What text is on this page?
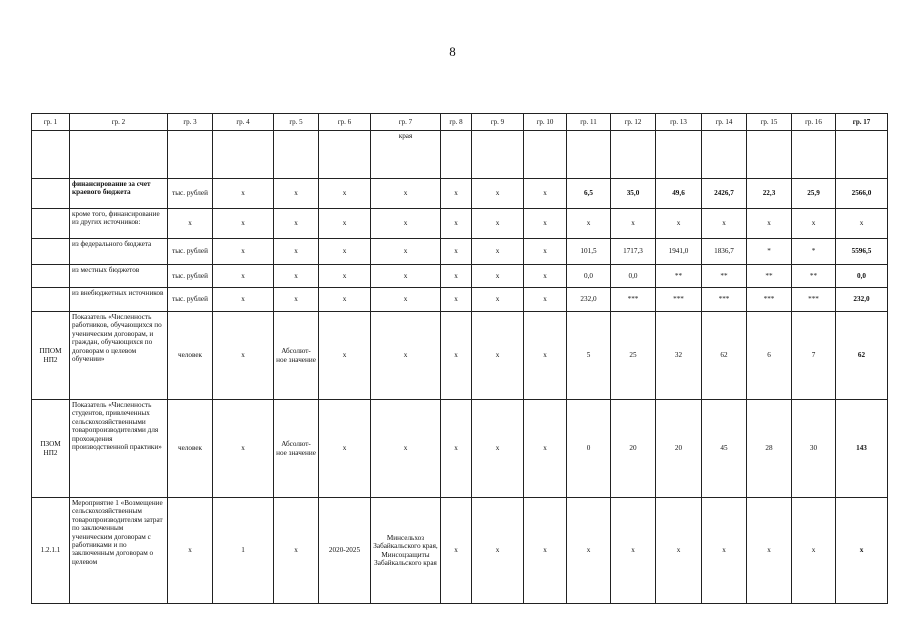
8
гр. 1	гр. 2	гр. 3	гр. 4	гр. 5	гр. 6	гр. 7	гр. 8	гр. 9	гр. 10	гр. 11	гр. 12	гр. 13	гр. 14	гр. 15	гр. 16	гр. 17
						края										
	финансирование за счет краевого бюджета	тыс. рублей	x	x	x	x	x	x	x	6,5	35,0	49,6	2426,7	22,3	25,9	2566,0
	кроме того, финансирование из других источников:	x	x	x	x	x	x	x	x	x	x	x	x	x	x	x
	из федерального бюджета	тыс. рублей	x	x	x	x	x	x	x	101,5	1717,3	1941,0	1836,7	*	*	5596,5
	из местных бюджетов	тыс. рублей	x	x	x	x	x	x	x	0,0	0,0	**	**	**	**	0,0
	из внебюджетных источников	тыс. рублей	x	x	x	x	x	x	x	232,0	***	***	***	***	***	232,0
ППОМ НП2	Показатель «Численность работников, обучающихся по ученическим договорам, и граждан, обучающихся по договорам о целевом обучении»	человек	x	Абсолют-ное значение	x	x	x	x	x	5	25	32	62	6	7	62
ПЗОМ НП2	Показатель «Численность студентов, привлеченных сельскохозяйственными товаропроизводителями для прохождения производственной практики»	человек	x	Абсолют-ное значение	x	x	x	x	x	0	20	20	45	28	30	143
1.2.1.1	Мероприятие 1 «Возмещение сельскохозяйственным товаропроизводителям затрат по заключенным ученическим договорам с работниками и по заключенным договорам о целевом	x	1	x	2020-2025	Минсельхоз Забайкальского края, Минсоцзащиты Забайкальского края	x	x	x	x	x	x	x	x	x	x
